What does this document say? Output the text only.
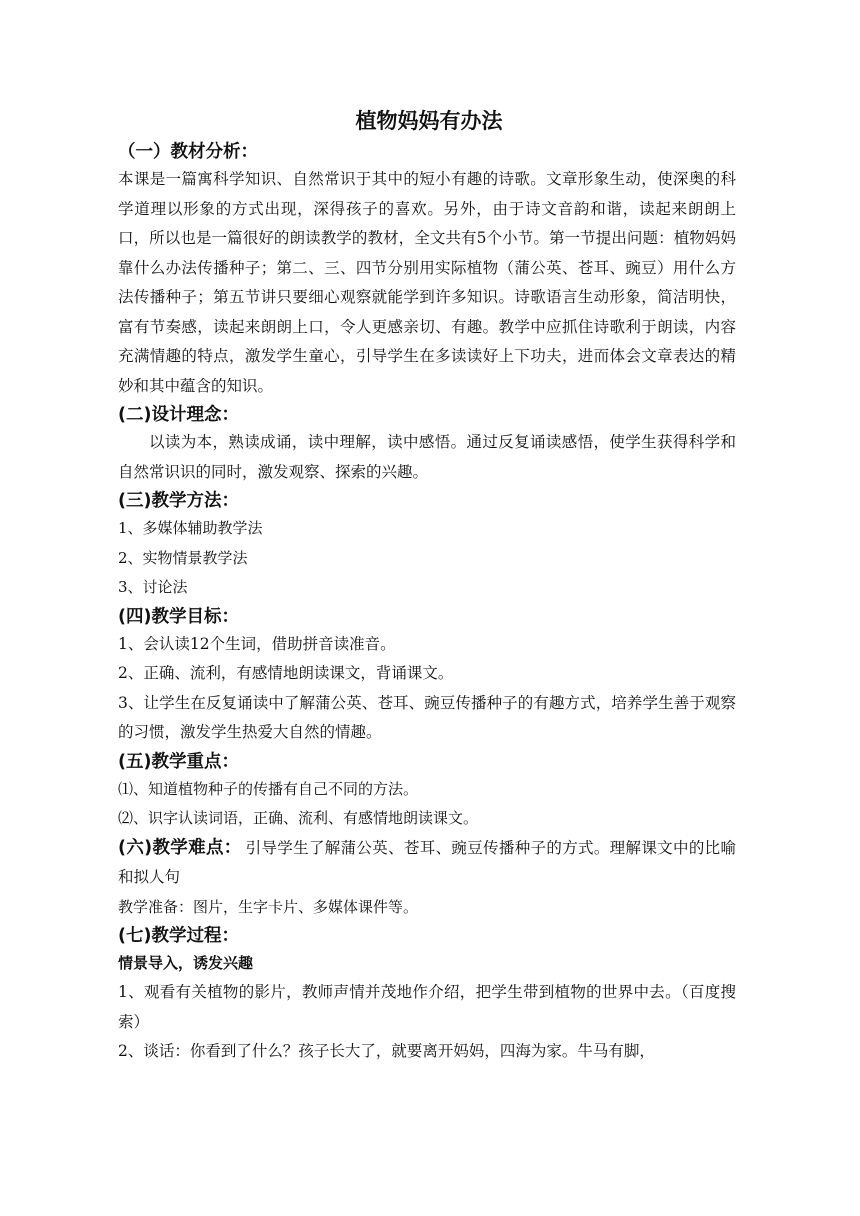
植物妈妈有办法

（一）教材分析：

本课是一篇寓科学知识、自然常识于其中的短小有趣的诗歌。文章形象生动，使深奥的科学道理以形象的方式出现，深得孩子的喜欢。另外，由于诗文音韵和谐，读起来朗朗上口，所以也是一篇很好的朗读教学的教材，全文共有5个小节。第一节提出问题：植物妈妈靠什么办法传播种子；第二、三、四节分别用实际植物（蒲公英、苍耳、豌豆）用什么方法传播种子；第五节讲只要细心观察就能学到许多知识。诗歌语言生动形象，简洁明快，富有节奏感，读起来朗朗上口，令人更感亲切、有趣。教学中应抓住诗歌利于朗读，内容充满情趣的特点，激发学生童心，引导学生在多读读好上下功夫，进而体会文章表达的精妙和其中蕴含的知识。

(二)设计理念：

以读为本，熟读成诵，读中理解，读中感悟。通过反复诵读感悟，使学生获得科学和自然常识识的同时，激发观察、探索的兴趣。

(三)教学方法：

1、多媒体辅助教学法

2、实物情景教学法

3、讨论法

(四)教学目标：

1、会认读12个生词，借助拼音读准音。

2、正确、流利，有感情地朗读课文，背诵课文。

3、让学生在反复诵读中了解蒲公英、苍耳、豌豆传播种子的有趣方式，培养学生善于观察的习惯，激发学生热爱大自然的情趣。

(五)教学重点：

⑴、知道植物种子的传播有自己不同的方法。

⑵、识字认读词语，正确、流利、有感情地朗读课文。

(六)教学难点： 引导学生了解蒲公英、苍耳、豌豆传播种子的方式。理解课文中的比喻和拟人句

教学准备：图片，生字卡片、多媒体课件等。

(七)教学过程：

情景导入，诱发兴趣

1、观看有关植物的影片，教师声情并茂地作介绍，把学生带到植物的世界中去。（百度搜索）

2、谈话：你看到了什么？孩子长大了，就要离开妈妈，四海为家。牛马有脚，
